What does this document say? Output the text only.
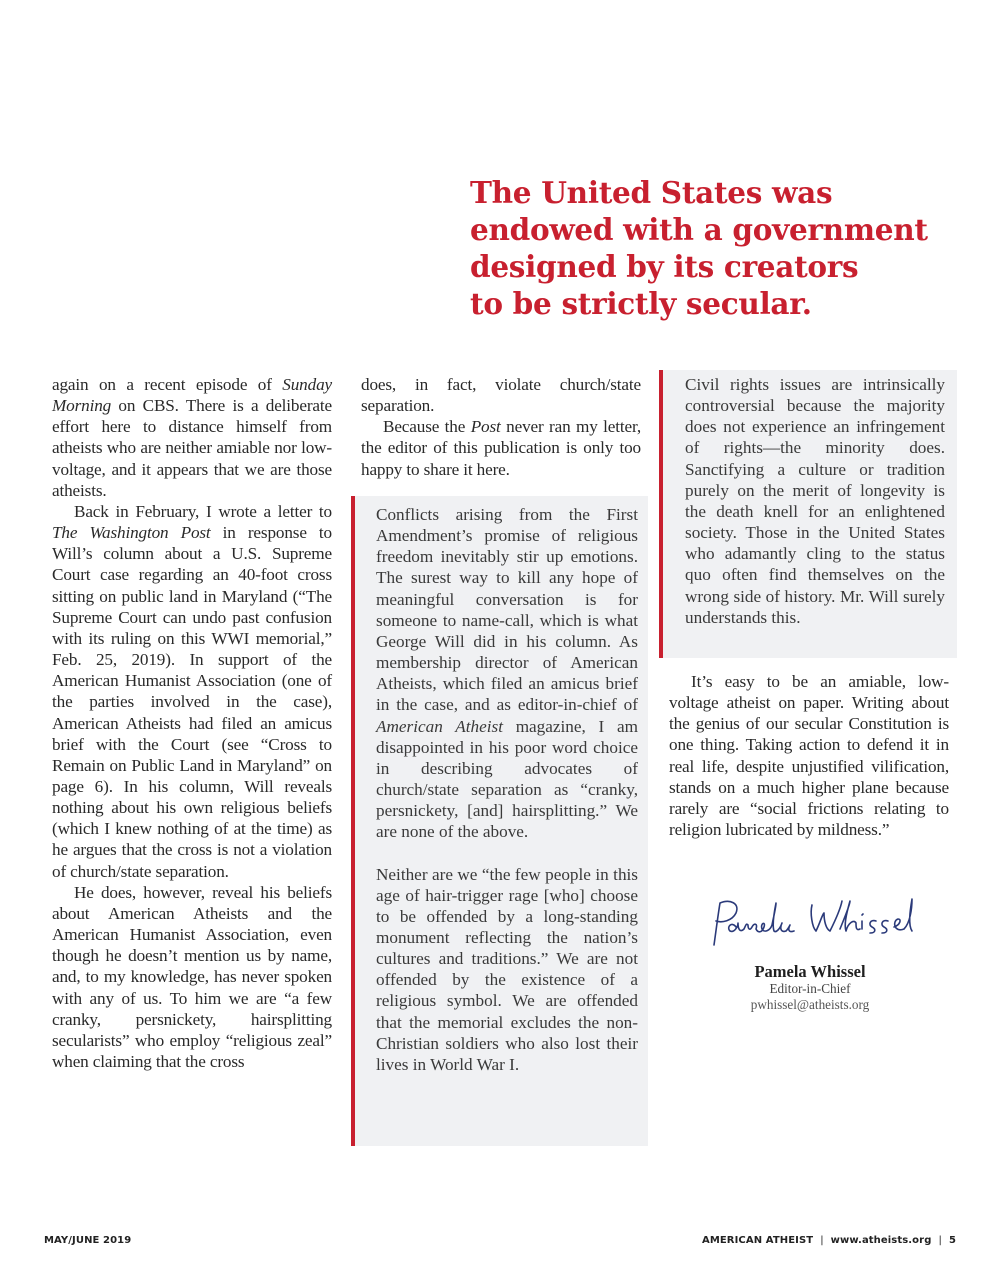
The United States was
endowed with a government
designed by its creators
to be strictly secular.

again on a recent episode of Sunday Morning on CBS. There is a deliberate effort here to distance himself from atheists who are neither amiable nor low-voltage, and it appears that we are those atheists.

Back in February, I wrote a letter to The Washington Post in response to Will’s column about a U.S. Supreme Court case regarding an 40-foot cross sitting on public land in Maryland (“The Supreme Court can undo past confusion with its ruling on this WWI memorial,” Feb. 25, 2019). In support of the American Humanist Association (one of the parties involved in the case), American Atheists had filed an amicus brief with the Court (see “Cross to Remain on Public Land in Maryland” on page 6). In his column, Will reveals nothing about his own religious beliefs (which I knew nothing of at the time) as he argues that the cross is not a violation of church/state separation.

He does, however, reveal his beliefs about American Atheists and the American Humanist Association, even though he doesn’t mention us by name, and, to my knowledge, has never spoken with any of us. To him we are “a few cranky, persnickety, hairsplitting secularists” who employ “religious zeal” when claiming that the cross

does, in fact, violate church/state separation.

Because the Post never ran my letter, the editor of this publication is only too happy to share it here.

Conflicts arising from the First Amendment’s promise of religious freedom inevitably stir up emotions. The surest way to kill any hope of meaningful conversation is for someone to name-call, which is what George Will did in his column. As membership director of American Atheists, which filed an amicus brief in the case, and as editor-in-chief of American Atheist magazine, I am disappointed in his poor word choice in describing advocates of church/state separation as “cranky, persnickety, [and] hairsplitting.” We are none of the above.

Neither are we “the few people in this age of hair-trigger rage [who] choose to be offended by a long-standing monument reflecting the nation’s cultures and traditions.” We are not offended by the existence of a religious symbol. We are offended that the memorial excludes the non-Christian soldiers who also lost their lives in World War I.

Civil rights issues are intrinsically controversial because the majority does not experience an infringement of rights—the minority does. Sanctifying a culture or tradition purely on the merit of longevity is the death knell for an enlightened society. Those in the United States who adamantly cling to the status quo often find themselves on the wrong side of history. Mr. Will surely understands this.

It’s easy to be an amiable, low-voltage atheist on paper. Writing about the genius of our secular Constitution is one thing. Taking action to defend it in real life, despite unjustified vilification, stands on a much higher plane because rarely are “social frictions relating to religion lubricated by mildness.”

Pamela Whissel
Editor-in-Chief
pwhissel@atheists.org
MAY/JUNE 2019	AMERICAN ATHEIST | www.atheists.org | 5
